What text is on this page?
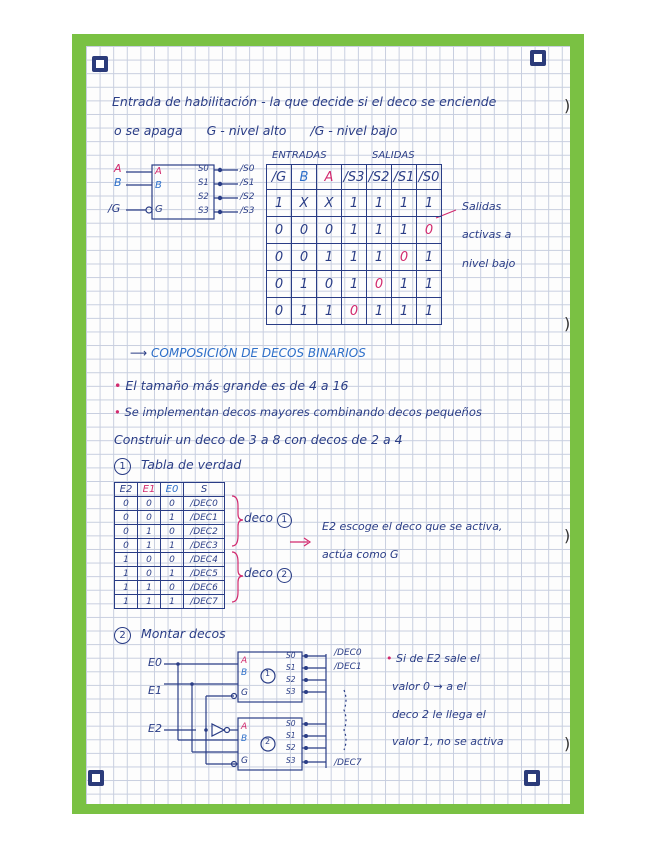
)
)
)
)
Entrada de habilitación - la que decide si el deco se enciende
o se apaga G - nivel alto /G - nivel bajo
A
B
/G
A
B
G
S0
S1
S2
S3
/S0
/S1
/S2
/S3
ENTRADAS	SALIDAS
/G	B	A	/S3	/S2	/S1	/S0
1	X	X	1	1	1	1
0	0	0	1	1	1	0
0	0	1	1	1	0	1
0	1	0	1	0	1	1
0	1	1	0	1	1	1
Salidas
activas a
nivel bajo
⟶ COMPOSICIÓN DE DECOS BINARIOS
• El tamaño más grande es de 4 a 16
• Se implementan decos mayores combinando decos pequeños
Construir un deco de 3 a 8 con decos de 2 a 4
1 Tabla de verdad
E2	E1	E0	S
0	0	0	/DEC0
0	0	1	/DEC1
0	1	0	/DEC2
0	1	1	/DEC3
1	0	0	/DEC4
1	0	1	/DEC5
1	1	0	/DEC6
1	1	1	/DEC7
deco 1
deco 2
E2 escoge el deco que se activa,
actúa como G
2 Montar decos
E0
E1
E2
A
B
G
1
S0
S1
S2
S3
A
B
G
2
S0
S1
S2
S3
/DEC0
/DEC1
/DEC7
• Si de E2 sale el
valor 0 → a el
deco 2 le llega el
valor 1, no se activa
